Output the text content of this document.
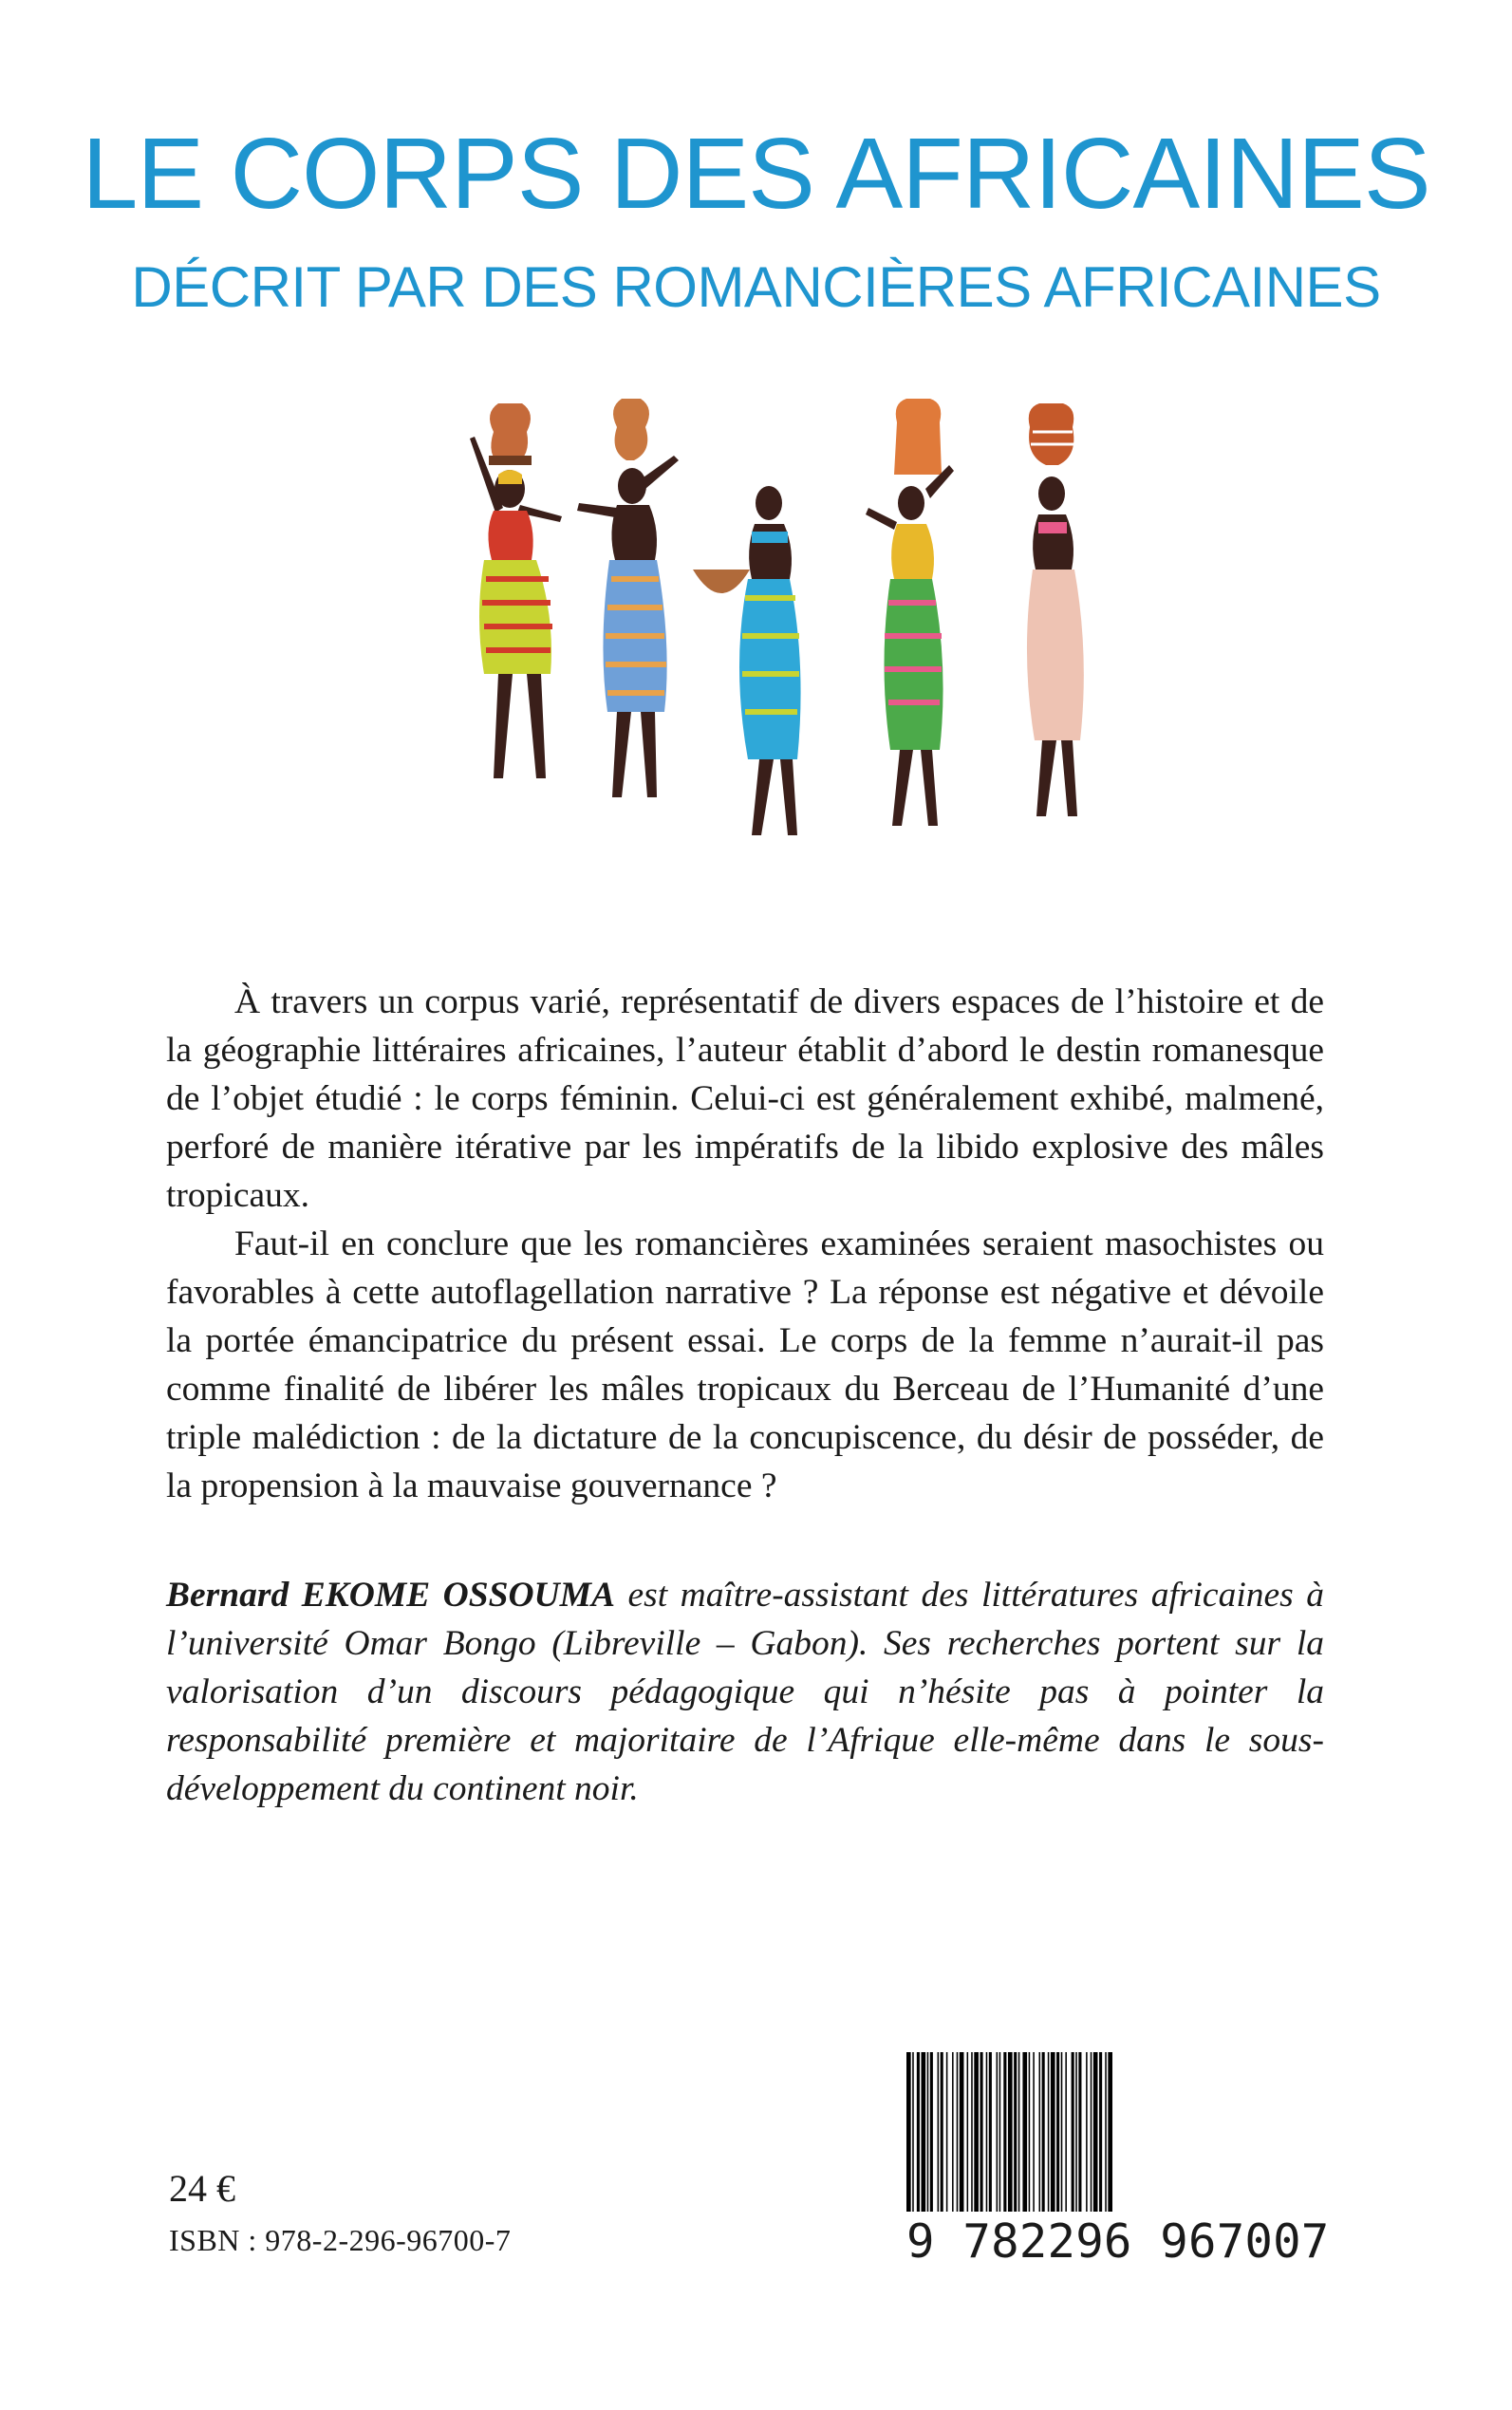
LE CORPS DES AFRICAINES
DÉCRIT PAR DES ROMANCIÈRES AFRICAINES

À travers un corpus varié, représentatif de divers espaces de l’histoire et de la géographie littéraires africaines, l’auteur établit d’abord le destin romanesque de l’objet étudié : le corps féminin. Celui-ci est généralement exhibé, malmené, perforé de manière itérative par les impératifs de la libido explosive des mâles tropicaux.

Faut-il en conclure que les romancières examinées seraient masochistes ou favorables à cette autoflagellation narrative ? La réponse est négative et dévoile la portée émancipatrice du présent essai. Le corps de la femme n’aurait-il pas comme finalité de libérer les mâles tropicaux du Berceau de l’Humanité d’une triple malédiction : de la dictature de la concupiscence, du désir de posséder, de la propension à la mauvaise gouvernance ?

Bernard EKOME OSSOUMA est maître-assistant des littératures africaines à l’université Omar Bongo (Libreville – Gabon). Ses recherches portent sur la valorisation d’un discours pédagogique qui n’hésite pas à pointer la responsabilité première et majoritaire de l’Afrique elle-même dans le sous-développement du continent noir.
24 €
ISBN : 978-2-296-96700-7	9 782296 967007
